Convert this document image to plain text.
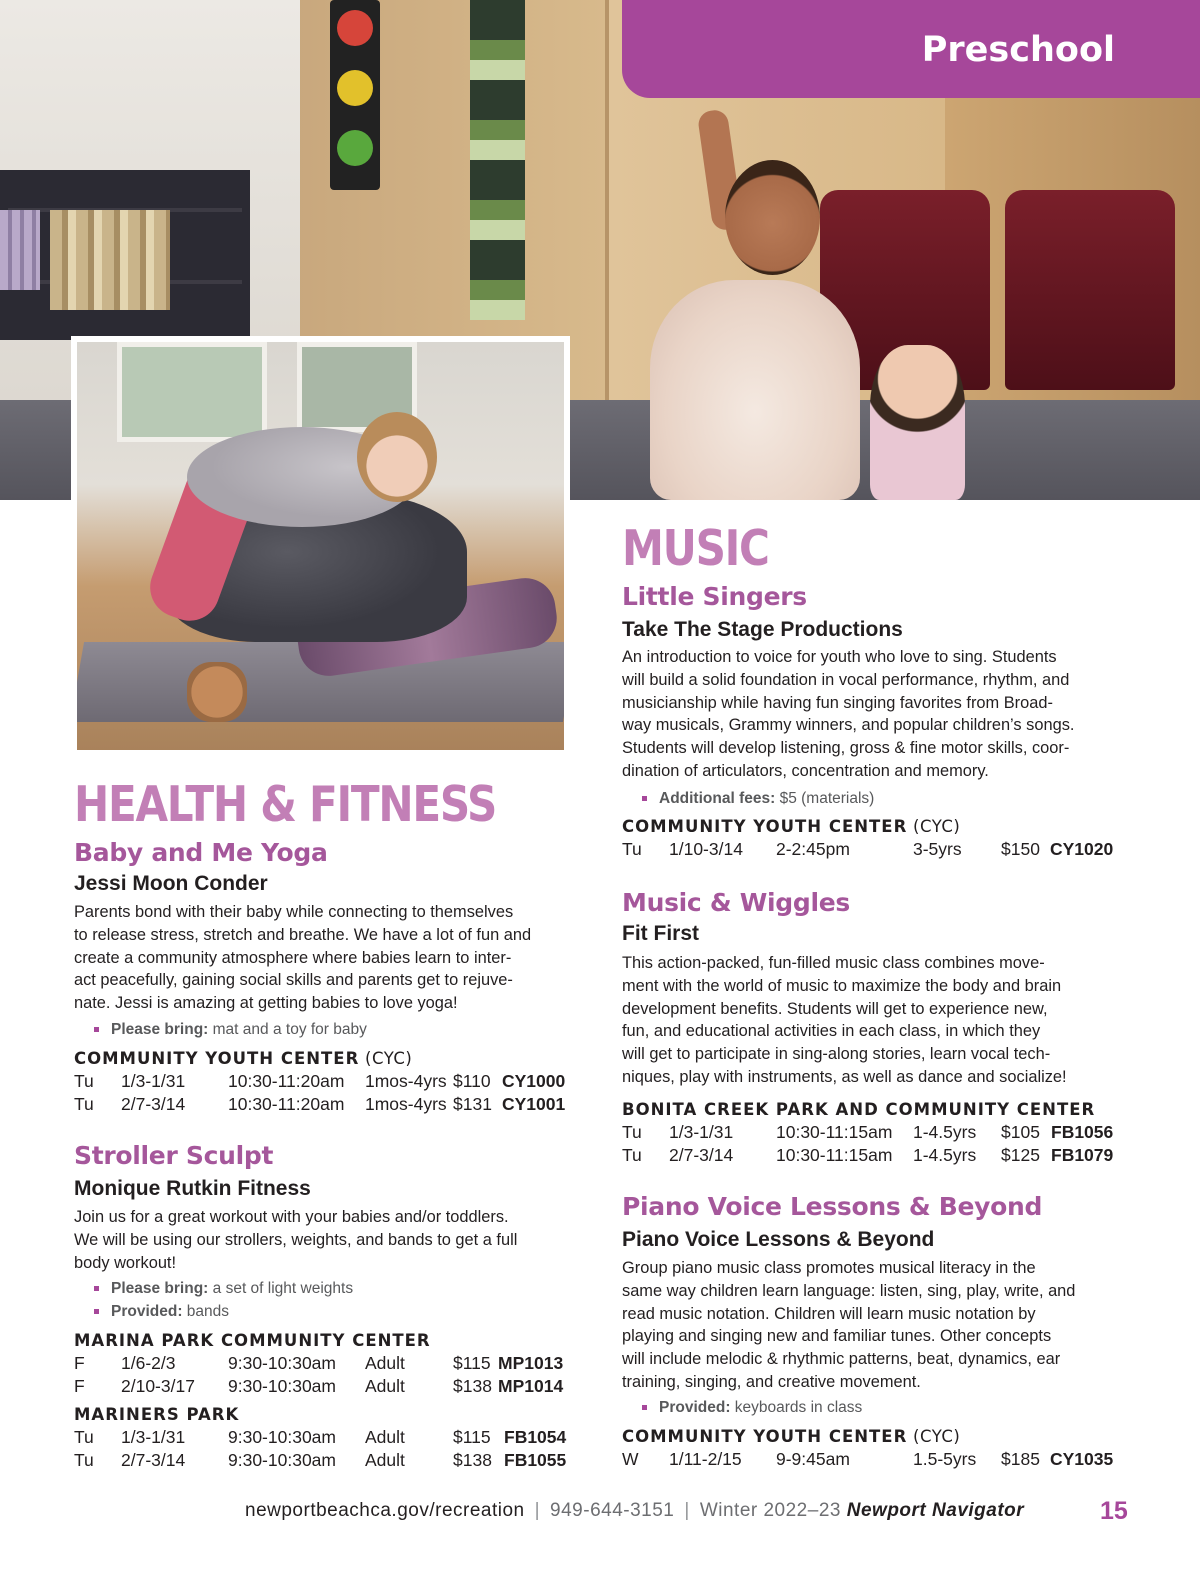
Preschool
HEALTH & FITNESS
Baby and Me Yoga
Jessi Moon Conder
Parents bond with their baby while connecting to themselves
to release stress, stretch and breathe. We have a lot of fun and
create a community atmosphere where babies learn to inter-
act peacefully, gaining social skills and parents get to rejuve-
nate. Jessi is amazing at getting babies to love yoga!
Please bring: mat and a toy for baby
COMMUNITY YOUTH CENTER (CYC)
Tu 1/3-1/31 10:30-11:20am 1mos-4yrs $110 CY1000
Tu 2/7-3/14 10:30-11:20am 1mos-4yrs $131 CY1001
Stroller Sculpt
Monique Rutkin Fitness
Join us for a great workout with your babies and/or toddlers.
We will be using our strollers, weights, and bands to get a full
body workout!
Please bring: a set of light weights
Provided: bands
MARINA PARK COMMUNITY CENTER
F 1/6-2/3	9:30-10:30am Adult	$115 MP1013
F 2/10-3/17 9:30-10:30am Adult	$138 MP1014
MARINERS PARK
Tu 1/3-1/31 9:30-10:30am Adult	$115 FB1054
Tu 2/7-3/14 9:30-10:30am Adult	$138 FB1055
MUSIC
Little Singers
Take The Stage Productions
An introduction to voice for youth who love to sing. Students
will build a solid foundation in vocal performance, rhythm, and
musicianship while having fun singing favorites from Broad-
way musicals, Grammy winners, and popular children’s songs.
Students will develop listening, gross & fine motor skills, coor-
dination of articulators, concentration and memory.
Additional fees: $5 (materials)
COMMUNITY YOUTH CENTER (CYC)
Tu 1/10-3/14 2-2:45pm	3-5yrs $150 CY1020
Music & Wiggles
Fit First
This action-packed, fun-filled music class combines move-
ment with the world of music to maximize the body and brain
development benefits. Students will get to experience new,
fun, and educational activities in each class, in which they
will get to participate in sing-along stories, learn vocal tech-
niques, play with instruments, as well as dance and socialize!
BONITA CREEK PARK AND COMMUNITY CENTER
Tu 1/3-1/31 10:30-11:15am 1-4.5yrs $105 FB1056
Tu 2/7-3/14 10:30-11:15am 1-4.5yrs $125 FB1079
Piano Voice Lessons & Beyond
Piano Voice Lessons & Beyond
Group piano music class promotes musical literacy in the
same way children learn language: listen, sing, play, write, and
read music notation. Children will learn music notation by
playing and singing new and familiar tunes. Other concepts
will include melodic & rhythmic patterns, beat, dynamics, ear
training, singing, and creative movement.
Provided: keyboards in class
COMMUNITY YOUTH CENTER (CYC)
W 1/11-2/15 9-9:45am	1.5-5yrs $185 CY1035
newportbeachca.gov/recreation | 949-644-3151 | Winter 2022–23 Newport Navigator	15
